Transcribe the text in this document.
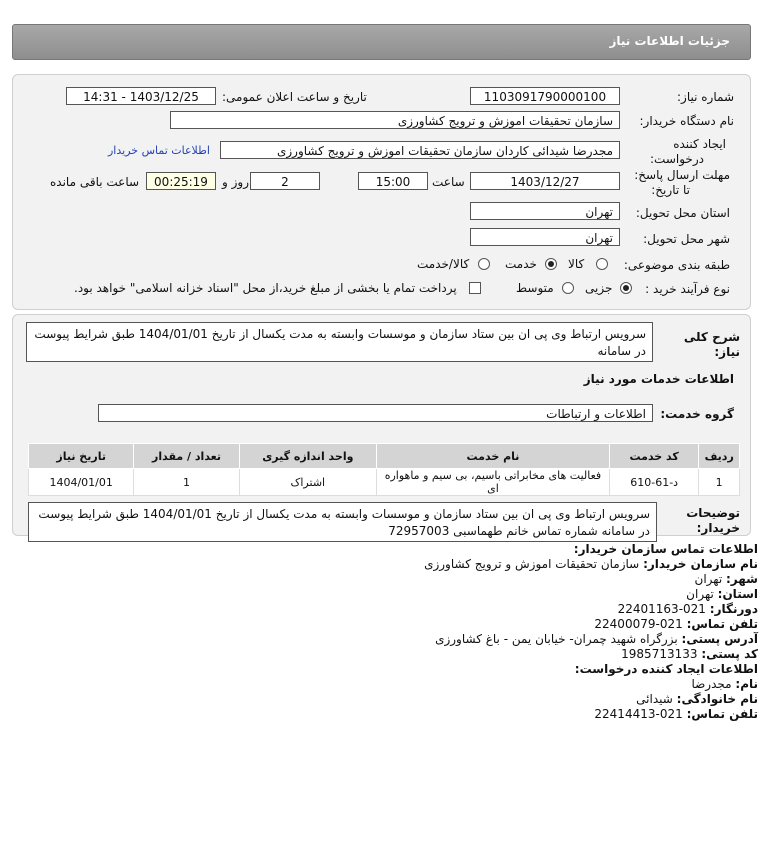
جزئیات اطلاعات نیاز
شماره نیاز:
1103091790000100
تاریخ و ساعت اعلان عمومی:
1403/12/25 - 14:31
نام دستگاه خریدار:
سازمان تحقیقات اموزش و ترویج کشاورزی
ایجاد کننده
درخواست:
مجدرضا شیدائی کاردان سازمان تحقیقات اموزش و ترویج کشاورزی
اطلاعات تماس خریدار
مهلت ارسال پاسخ:
تا تاریخ:
1403/12/27
ساعت
15:00
2
روز و
00:25:19
ساعت باقی مانده
استان محل تحویل:
تهران
شهر محل تحویل:
تهران
طبقه بندی موضوعی:
کالا
خدمت
کالا/خدمت
نوع فرآیند خرید :
جزیی
متوسط
پرداخت تمام یا بخشی از مبلغ خرید،از محل "اسناد خزانه اسلامی" خواهد بود.
شرح کلی
نیاز:
سرویس ارتباط وی پی ان بین ستاد سازمان و موسسات وابسته به مدت یکسال از تاریخ 1404/01/01 طبق شرایط پیوست در سامانه
اطلاعات خدمات مورد نیاز
گروه خدمت:
اطلاعات و ارتباطات
ردیف	کد خدمت	نام خدمت	واحد اندازه گیری	تعداد / مقدار	تاریخ نیاز
1	د-61-610	فعالیت های مخابراتی باسیم، بی سیم و ماهواره ای	اشتراک	1	1404/01/01
توضیحات
خریدار:
سرویس ارتباط وی پی ان بین ستاد سازمان و موسسات وابسته به مدت یکسال از تاریخ 1404/01/01 طبق شرایط پیوست در سامانه شماره تماس خانم طهماسبی 72957003
اطلاعات تماس سازمان خریدار:
نام سازمان خریدار: سازمان تحقیقات اموزش و ترویج کشاورزی
شهر: تهران
استان: تهران
دورنگار: 021-22401163
تلفن تماس: 021-22400079
آدرس پستی: بزرگراه شهید چمران- خیابان یمن - باغ کشاورزی
کد پستی: 1985713133
اطلاعات ایجاد کننده درخواست:
نام: مجدرضا
نام خانوادگی: شیدائی
تلفن تماس: 021-22414413
